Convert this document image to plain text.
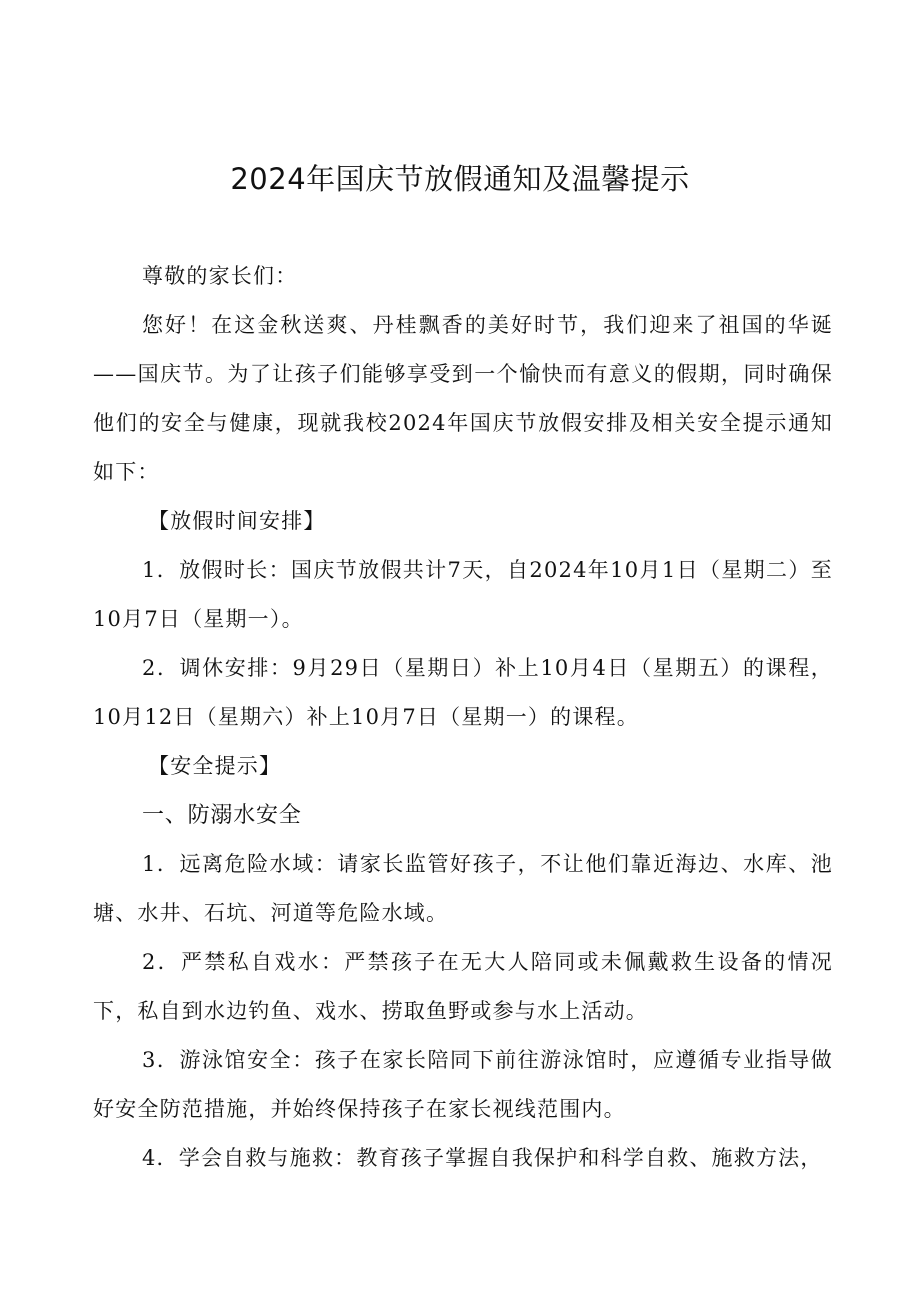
2024年国庆节放假通知及温馨提示

尊敬的家长们：

您好！在这金秋送爽、丹桂飘香的美好时节，我们迎来了祖国的华诞——国庆节。为了让孩子们能够享受到一个愉快而有意义的假期，同时确保他们的安全与健康，现就我校2024年国庆节放假安排及相关安全提示通知如下：

【放假时间安排】

1．放假时长：国庆节放假共计7天，自2024年10月1日（星期二）至10月7日（星期一）。

2．调休安排：9月29日（星期日）补上10月4日（星期五）的课程，10月12日（星期六）补上10月7日（星期一）的课程。

【安全提示】

一、防溺水安全

1．远离危险水域：请家长监管好孩子，不让他们靠近海边、水库、池塘、水井、石坑、河道等危险水域。

2．严禁私自戏水：严禁孩子在无大人陪同或未佩戴救生设备的情况下，私自到水边钓鱼、戏水、捞取鱼野或参与水上活动。

3．游泳馆安全：孩子在家长陪同下前往游泳馆时，应遵循专业指导做好安全防范措施，并始终保持孩子在家长视线范围内。

4．学会自救与施救：教育孩子掌握自我保护和科学自救、施救方法，
